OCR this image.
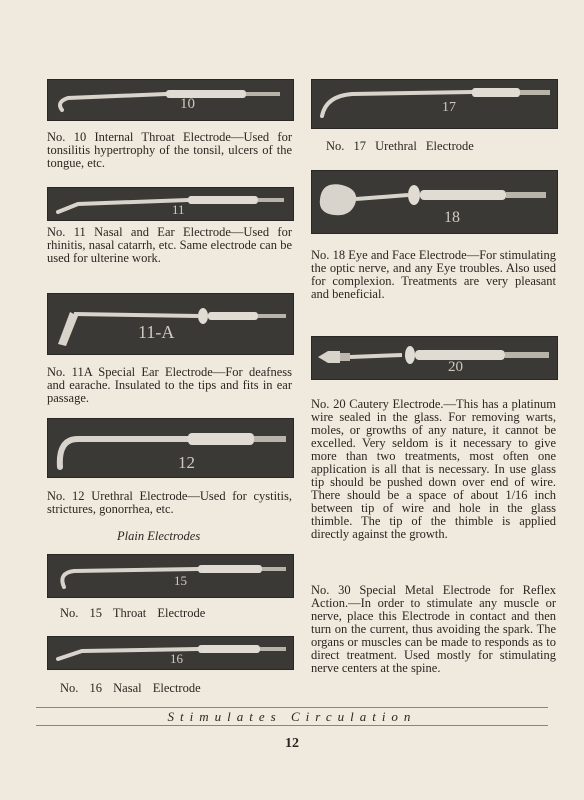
10

No. 10 Internal Throat Electrode—Used for tonsilitis hypertrophy of the tonsil, ulcers of the tongue, etc.

11

No. 11 Nasal and Ear Electrode—Used for rhinitis, nasal catarrh, etc. Same electrode can be used for ulterine work.

11-A

No. 11A Special Ear Electrode—For deafness and earache. Insulated to the tips and fits in ear passage.

12

No. 12 Urethral Electrode—Used for cystitis, strictures, gonorrhea, etc.

Plain Electrodes
15

No. 15 Throat Electrode

16

No. 16 Nasal Electrode

17

No. 17 Urethral Electrode

18

No. 18 Eye and Face Electrode—For stimulating the optic nerve, and any Eye troubles. Also used for complexion. Treatments are very pleasant and beneficial.

20

No. 20 Cautery Electrode.—This has a platinum wire sealed in the glass. For removing warts, moles, or growths of any nature, it cannot be excelled. Very seldom is it necessary to give more than two treatments, most often one application is all that is necessary. In use glass tip should be pushed down over end of wire. There should be a space of about 1/16 inch between tip of wire and hole in the glass thimble. The tip of the thimble is applied directly against the growth.

No. 30 Special Metal Electrode for Reflex Action.—In order to stimulate any muscle or nerve, place this Electrode in contact and then turn on the current, thus avoiding the spark. The organs or muscles can be made to responds as to direct treatment. Used mostly for stimulating nerve centers at the spine.

Stimulates Circulation
12
